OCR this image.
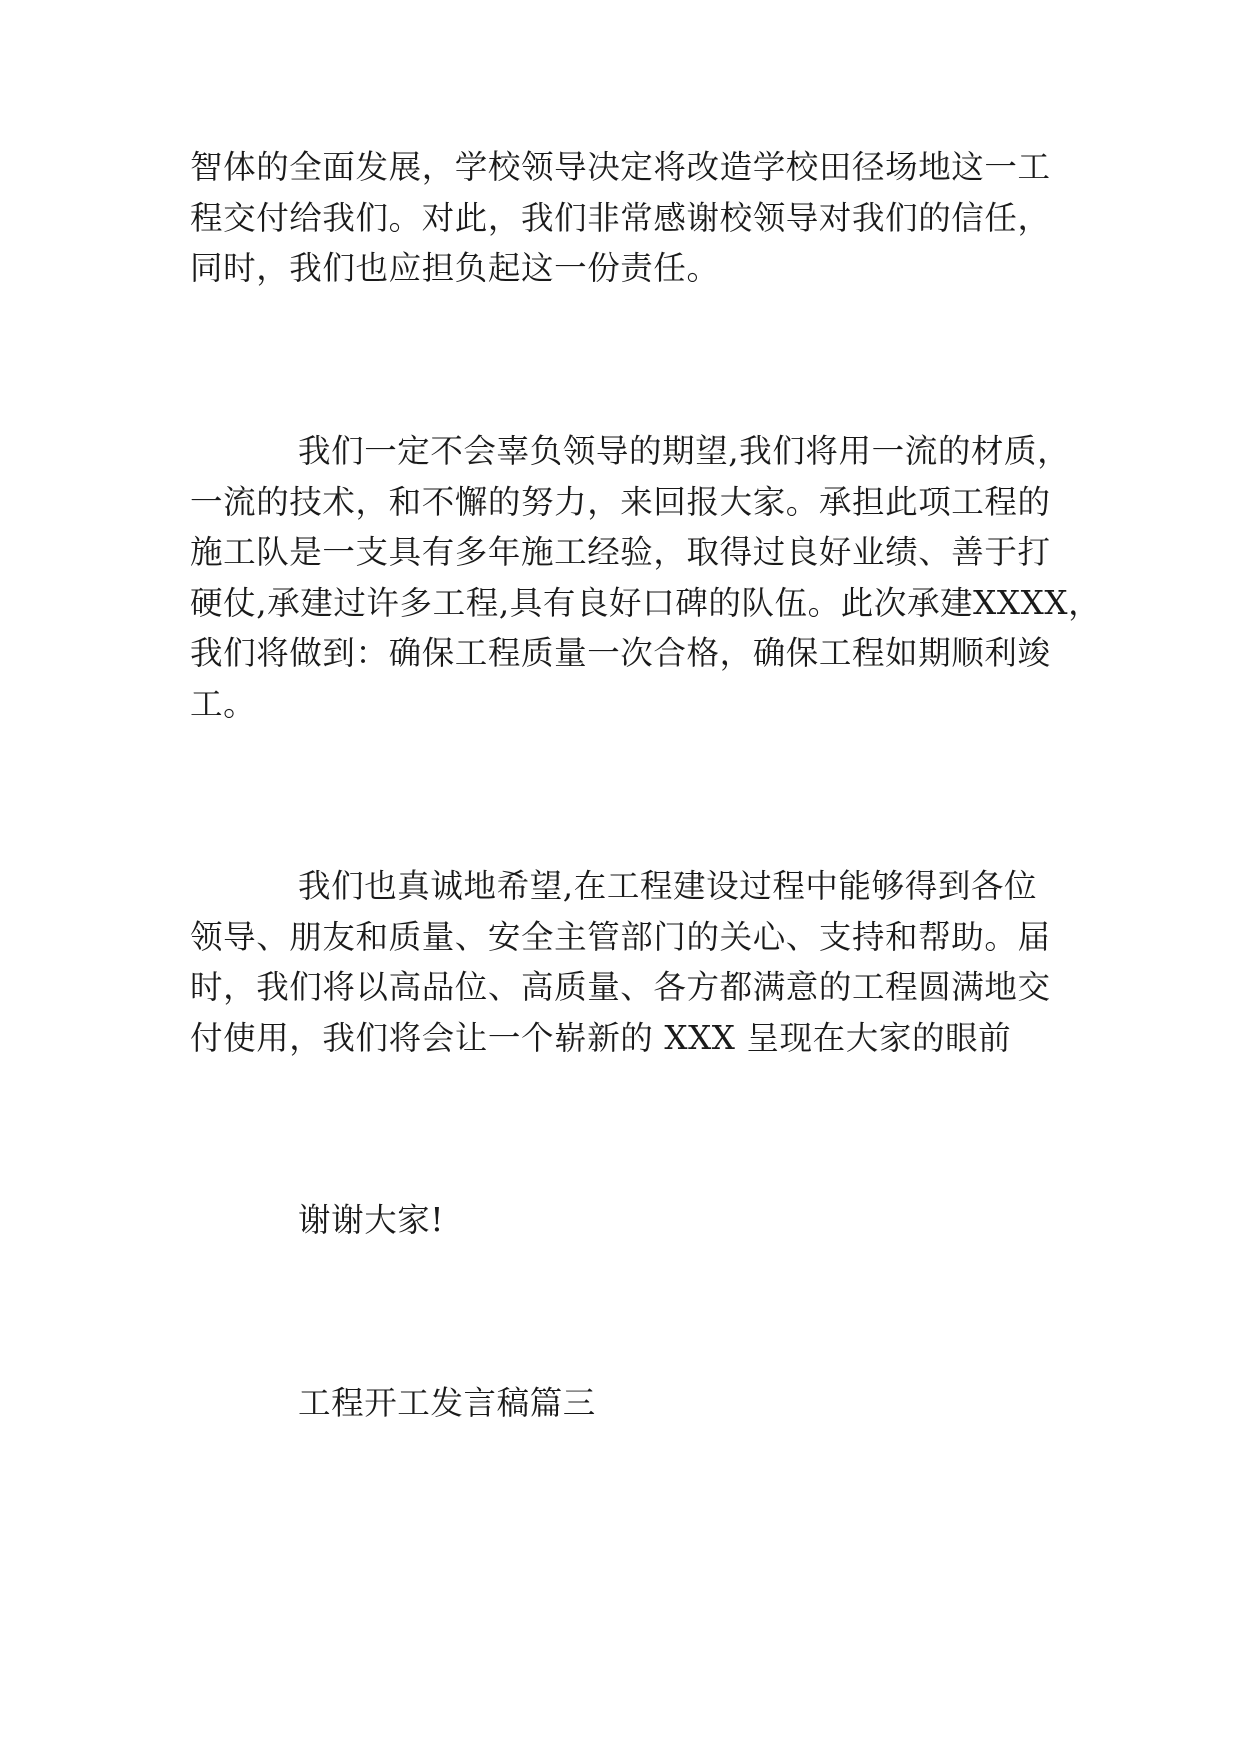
智体的全面发展，学校领导决定将改造学校田径场地这一工
程交付给我们。对此，我们非常感谢校领导对我们的信任，
同时，我们也应担负起这一份责任。
我们一定不会辜负领导的期望,我们将用一流的材质，
一流的技术，和不懈的努力，来回报大家。承担此项工程的
施工队是一支具有多年施工经验，取得过良好业绩、善于打
硬仗,承建过许多工程,具有良好口碑的队伍。此次承建XXXX，
我们将做到：确保工程质量一次合格，确保工程如期顺利竣
工。
我们也真诚地希望,在工程建设过程中能够得到各位
领导、朋友和质量、安全主管部门的关心、支持和帮助。届
时，我们将以高品位、高质量、各方都满意的工程圆满地交
付使用，我们将会让一个崭新的 XXX 呈现在大家的眼前
谢谢大家!
工程开工发言稿篇三
